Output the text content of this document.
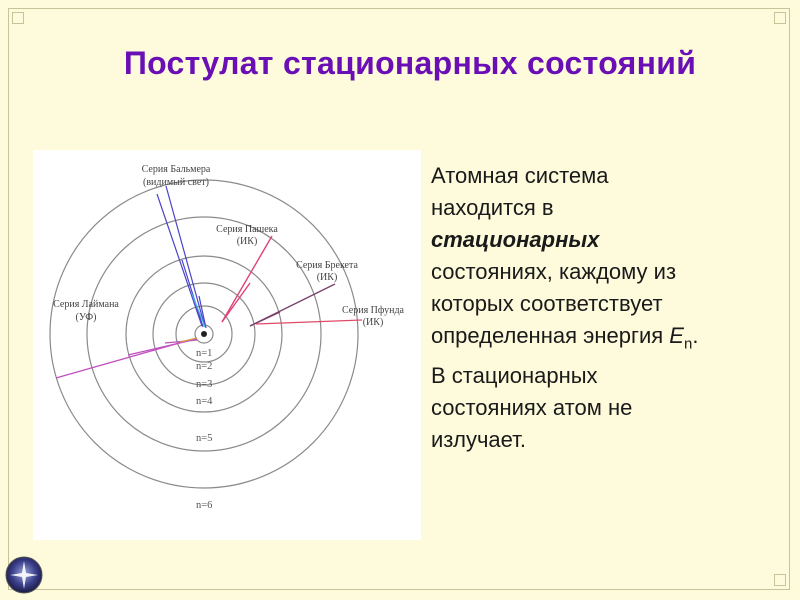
Постулат стационарных состояний
Серия Бальмера
(видимый свет)
Серия Пашека
(ИК)
Серия Брекета
(ИК)
Серия Пфунда
(ИК)
Серия Лаймана
(УФ)
n=1
n=2
n=3
n=4
n=5
n=6

Атомная система
находится в
стационарных
состояниях, каждому из
которых соответствует
определенная энергия $E_n$.

В стационарных
состояниях атом не
излучает.
